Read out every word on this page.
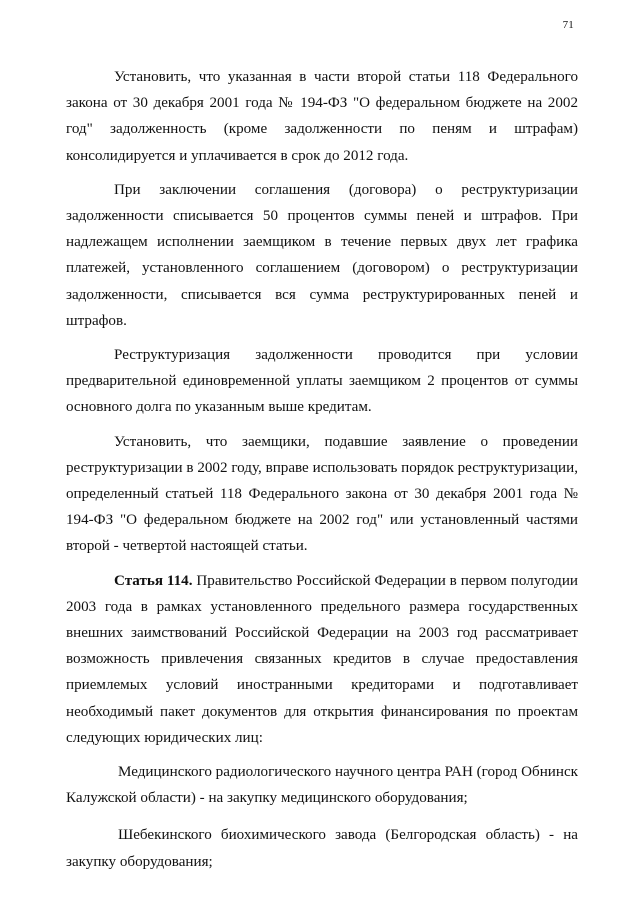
71

Установить, что указанная в части второй статьи 118 Федерального закона от 30 декабря 2001 года № 194-ФЗ "О федеральном бюджете на 2002 год" задолженность (кроме задолженности по пеням и штрафам) консолидируется и уплачивается в срок до 2012 года.

При заключении соглашения (договора) о реструктуризации задолженности списывается 50 процентов суммы пеней и штрафов. При надлежащем исполнении заемщиком в течение первых двух лет графика платежей, установленного соглашением (договором) о реструктуризации задолженности, списывается вся сумма реструктурированных пеней и штрафов.

Реструктуризация задолженности проводится при условии предварительной единовременной уплаты заемщиком 2 процентов от суммы основного долга по указанным выше кредитам.

Установить, что заемщики, подавшие заявление о проведении реструктуризации в 2002 году, вправе использовать порядок реструктуризации, определенный статьей 118 Федерального закона от 30 декабря 2001 года № 194-ФЗ "О федеральном бюджете на 2002 год" или установленный частями второй - четвертой настоящей статьи.

Статья 114. Правительство Российской Федерации в первом полугодии 2003 года в рамках установленного предельного размера государственных внешних заимствований Российской Федерации на 2003 год рассматривает возможность привлечения связанных кредитов в случае предоставления приемлемых условий иностранными кредиторами и подготавливает необходимый пакет документов для открытия финансирования по проектам следующих юридических лиц:

Медицинского радиологического научного центра РАН (город Обнинск Калужской области) - на закупку медицинского оборудования;

Шебекинского биохимического завода (Белгородская область) - на закупку оборудования;
